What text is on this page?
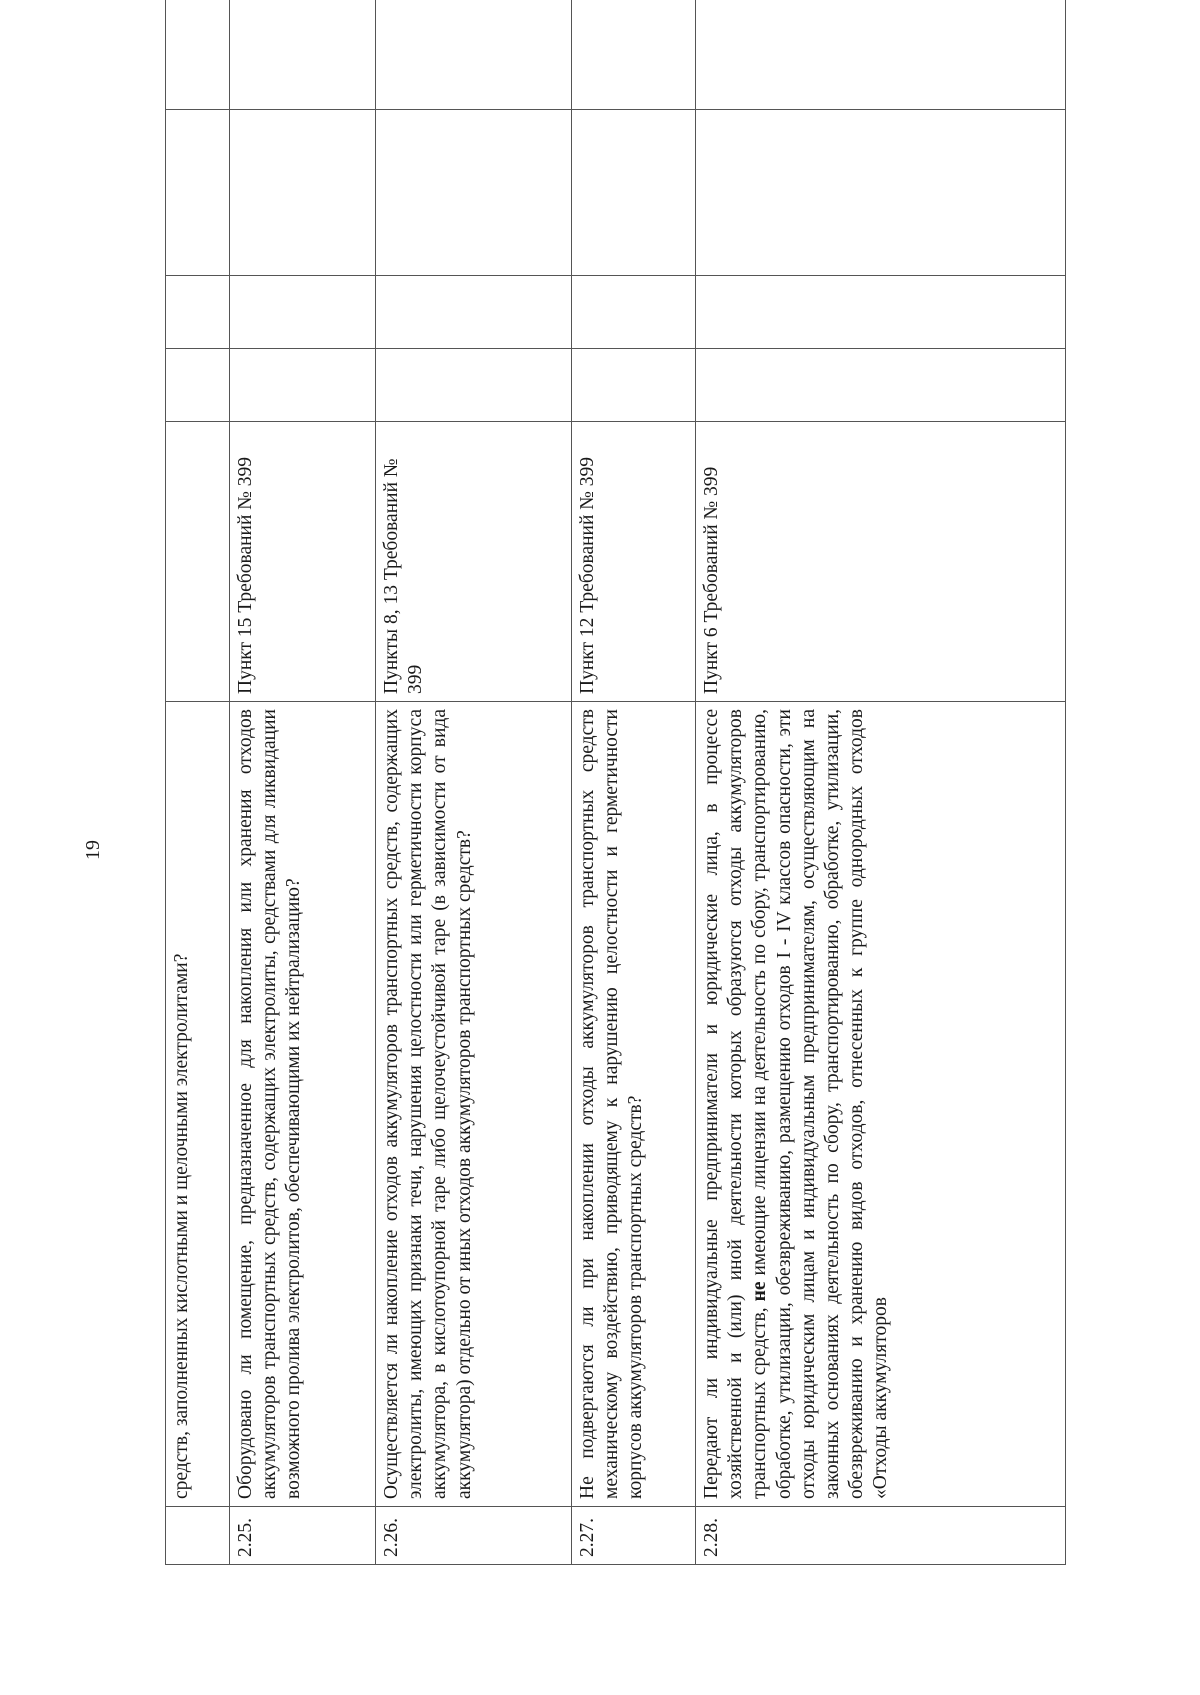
19
	средств, заполненных кислотными и щелочными электролитами?					
2.25.	Оборудовано ли помещение, предназначенное для накопления или хранения отходов аккумуляторов транспортных средств, содержащих электролиты, средствами для ликвидации возможного пролива электролитов, обеспечивающими их нейтрализацию?	Пункт 15 Требований № 399				
2.26.	Осуществляется ли накопление отходов аккумуляторов транспортных средств, содержащих электролиты, имеющих признаки течи, нарушения целостности или герметичности корпуса аккумулятора, в кислотоупорной таре либо щелочеустойчивой таре (в зависимости от вида аккумулятора) отдельно от иных отходов аккумуляторов транспортных средств?	Пункты 8, 13 Требований № 399				
2.27.	Не подвергаются ли при накоплении отходы аккумуляторов транспортных средств механическому воздействию, приводящему к нарушению целостности и герметичности корпусов аккумуляторов транспортных средств?	Пункт 12 Требований № 399				
2.28.	Передают ли индивидуальные предприниматели и юридические лица, в процессе хозяйственной и (или) иной деятельности которых образуются отходы аккумуляторов транспортных средств, не имеющие лицензии на деятельность по сбору, транспортированию, обработке, утилизации, обезвреживанию, размещению отходов I - IV классов опасности, эти отходы юридическим лицам и индивидуальным предпринимателям, осуществляющим на законных основаниях деятельность по сбору, транспортированию, обработке, утилизации, обезвреживанию и хранению видов отходов, отнесенных к группе однородных отходов «Отходы аккумуляторов	Пункт 6 Требований № 399				
